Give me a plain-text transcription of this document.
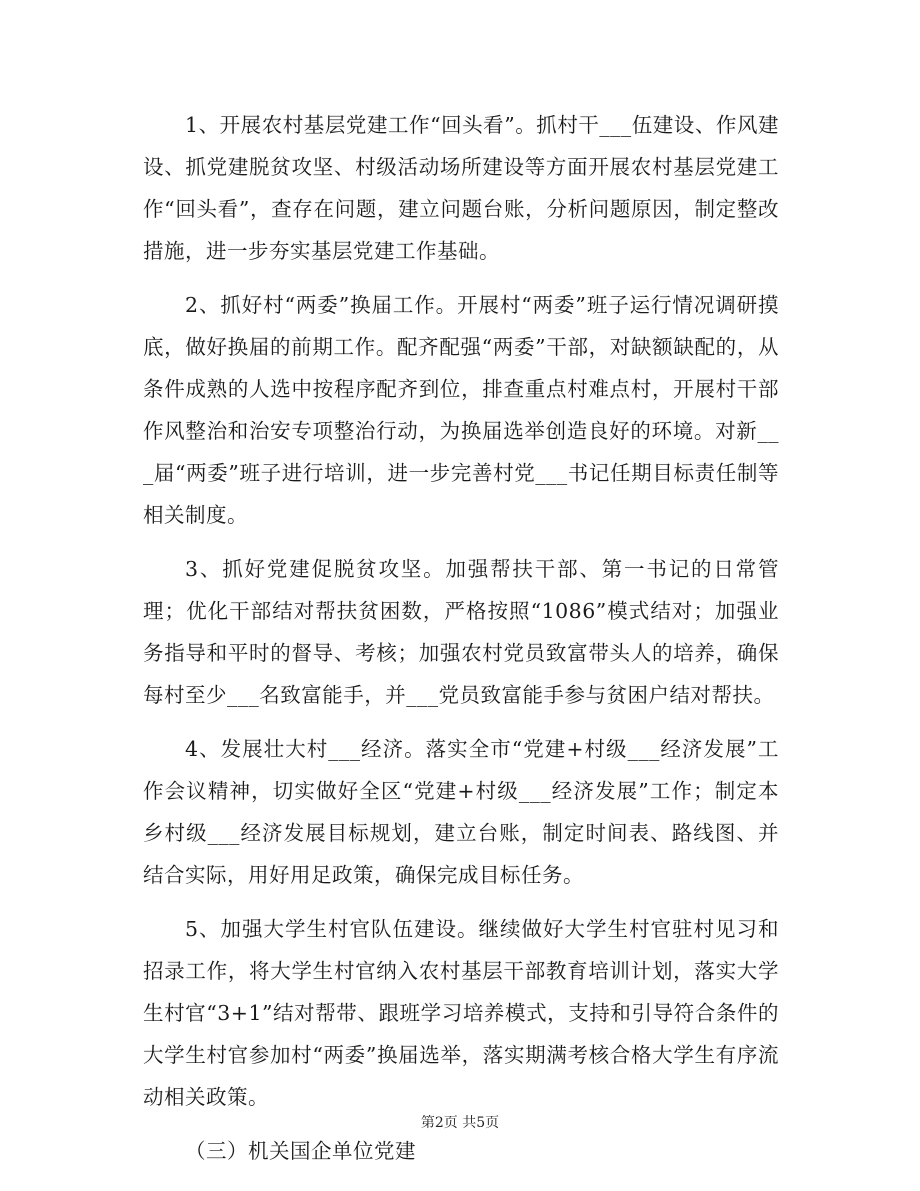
1、开展农村基层党建工作“回头看”。抓村干___伍建设、作风建设、抓党建脱贫攻坚、村级活动场所建设等方面开展农村基层党建工作“回头看”，查存在问题，建立问题台账，分析问题原因，制定整改措施，进一步夯实基层党建工作基础。

2、抓好村“两委”换届工作。开展村“两委”班子运行情况调研摸底，做好换届的前期工作。配齐配强“两委”干部，对缺额缺配的，从条件成熟的人选中按程序配齐到位，排查重点村难点村，开展村干部作风整治和治安专项整治行动，为换届选举创造良好的环境。对新___届“两委”班子进行培训，进一步完善村党___书记任期目标责任制等相关制度。

3、抓好党建促脱贫攻坚。加强帮扶干部、第一书记的日常管理；优化干部结对帮扶贫困数，严格按照“1086”模式结对；加强业务指导和平时的督导、考核；加强农村党员致富带头人的培养，确保每村至少___名致富能手，并___党员致富能手参与贫困户结对帮扶。

4、发展壮大村___经济。落实全市“党建+村级___经济发展”工作会议精神，切实做好全区“党建+村级___经济发展”工作；制定本乡村级___经济发展目标规划，建立台账，制定时间表、路线图、并结合实际，用好用足政策，确保完成目标任务。

5、加强大学生村官队伍建设。继续做好大学生村官驻村见习和招录工作，将大学生村官纳入农村基层干部教育培训计划，落实大学生村官“3+1”结对帮带、跟班学习培养模式，支持和引导符合条件的大学生村官参加村“两委”换届选举，落实期满考核合格大学生有序流动相关政策。

（三）机关国企单位党建

第2页 共5页
